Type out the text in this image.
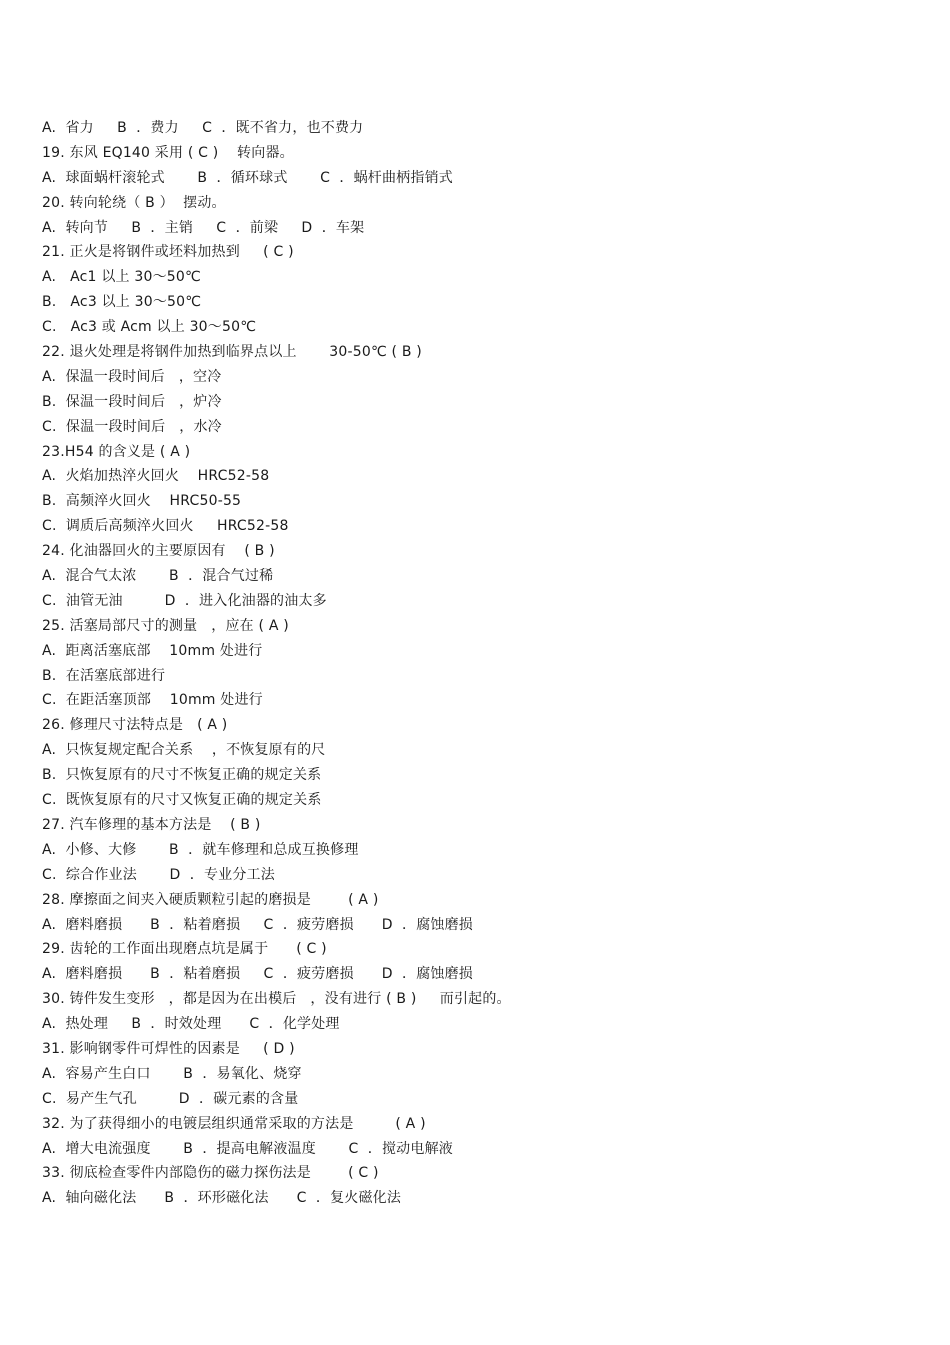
A.  省力     B  ．费力     C  ．既不省力，也不费力
19. 东风 EQ140 采用 ( C )    转向器。
A.  球面蜗杆滚轮式       B  ．循环球式       C  ．蜗杆曲柄指销式
20. 转向轮绕（ B ）  摆动。
A.  转向节     B  ．主销     C  ．前梁     D  ．车架
21. 正火是将钢件或坯料加热到     ( C )
A.   Ac1 以上 30～50℃
B.   Ac3 以上 30～50℃
C.   Ac3 或 Acm 以上 30～50℃
22. 退火处理是将钢件加热到临界点以上       30-50℃ ( B )
A.  保温一段时间后   ，空冷
B.  保温一段时间后   ，炉冷
C.  保温一段时间后   ，水冷
23.H54 的含义是 ( A )
A.  火焰加热淬火回火    HRC52-58
B.  高频淬火回火    HRC50-55
C.  调质后高频淬火回火     HRC52-58
24. 化油器回火的主要原因有    ( B )
A.  混合气太浓       B  ．混合气过稀
C.  油管无油         D  ．进入化油器的油太多
25. 活塞局部尺寸的测量   ，应在 ( A )
A.  距离活塞底部    10mm 处进行
B.  在活塞底部进行
C.  在距活塞顶部    10mm 处进行
26. 修理尺寸法特点是   ( A )
A.  只恢复规定配合关系    ，不恢复原有的尺
B.  只恢复原有的尺寸不恢复正确的规定关系
C.  既恢复原有的尺寸又恢复正确的规定关系
27. 汽车修理的基本方法是    ( B )
A.  小修、大修       B  ．就车修理和总成互换修理
C.  综合作业法       D  ．专业分工法
28. 摩擦面之间夹入硬质颗粒引起的磨损是        ( A )
A.  磨料磨损      B  ．粘着磨损     C  ．疲劳磨损      D  ．腐蚀磨损
29. 齿轮的工作面出现磨点坑是属于      ( C )
A.  磨料磨损      B  ．粘着磨损     C  ．疲劳磨损      D  ．腐蚀磨损
30. 铸件发生变形   ，都是因为在出模后   ，没有进行 ( B )     而引起的。
A.  热处理     B  ．时效处理      C  ．化学处理
31. 影响钢零件可焊性的因素是     ( D )
A.  容易产生白口       B  ．易氧化、烧穿
C.  易产生气孔         D  ．碳元素的含量
32. 为了获得细小的电镀层组织通常采取的方法是         ( A )
A.  增大电流强度       B  ．提高电解液温度       C  ．搅动电解液
33. 彻底检查零件内部隐伤的磁力探伤法是        ( C )
A.  轴向磁化法      B  ．环形磁化法      C  ．复火磁化法
